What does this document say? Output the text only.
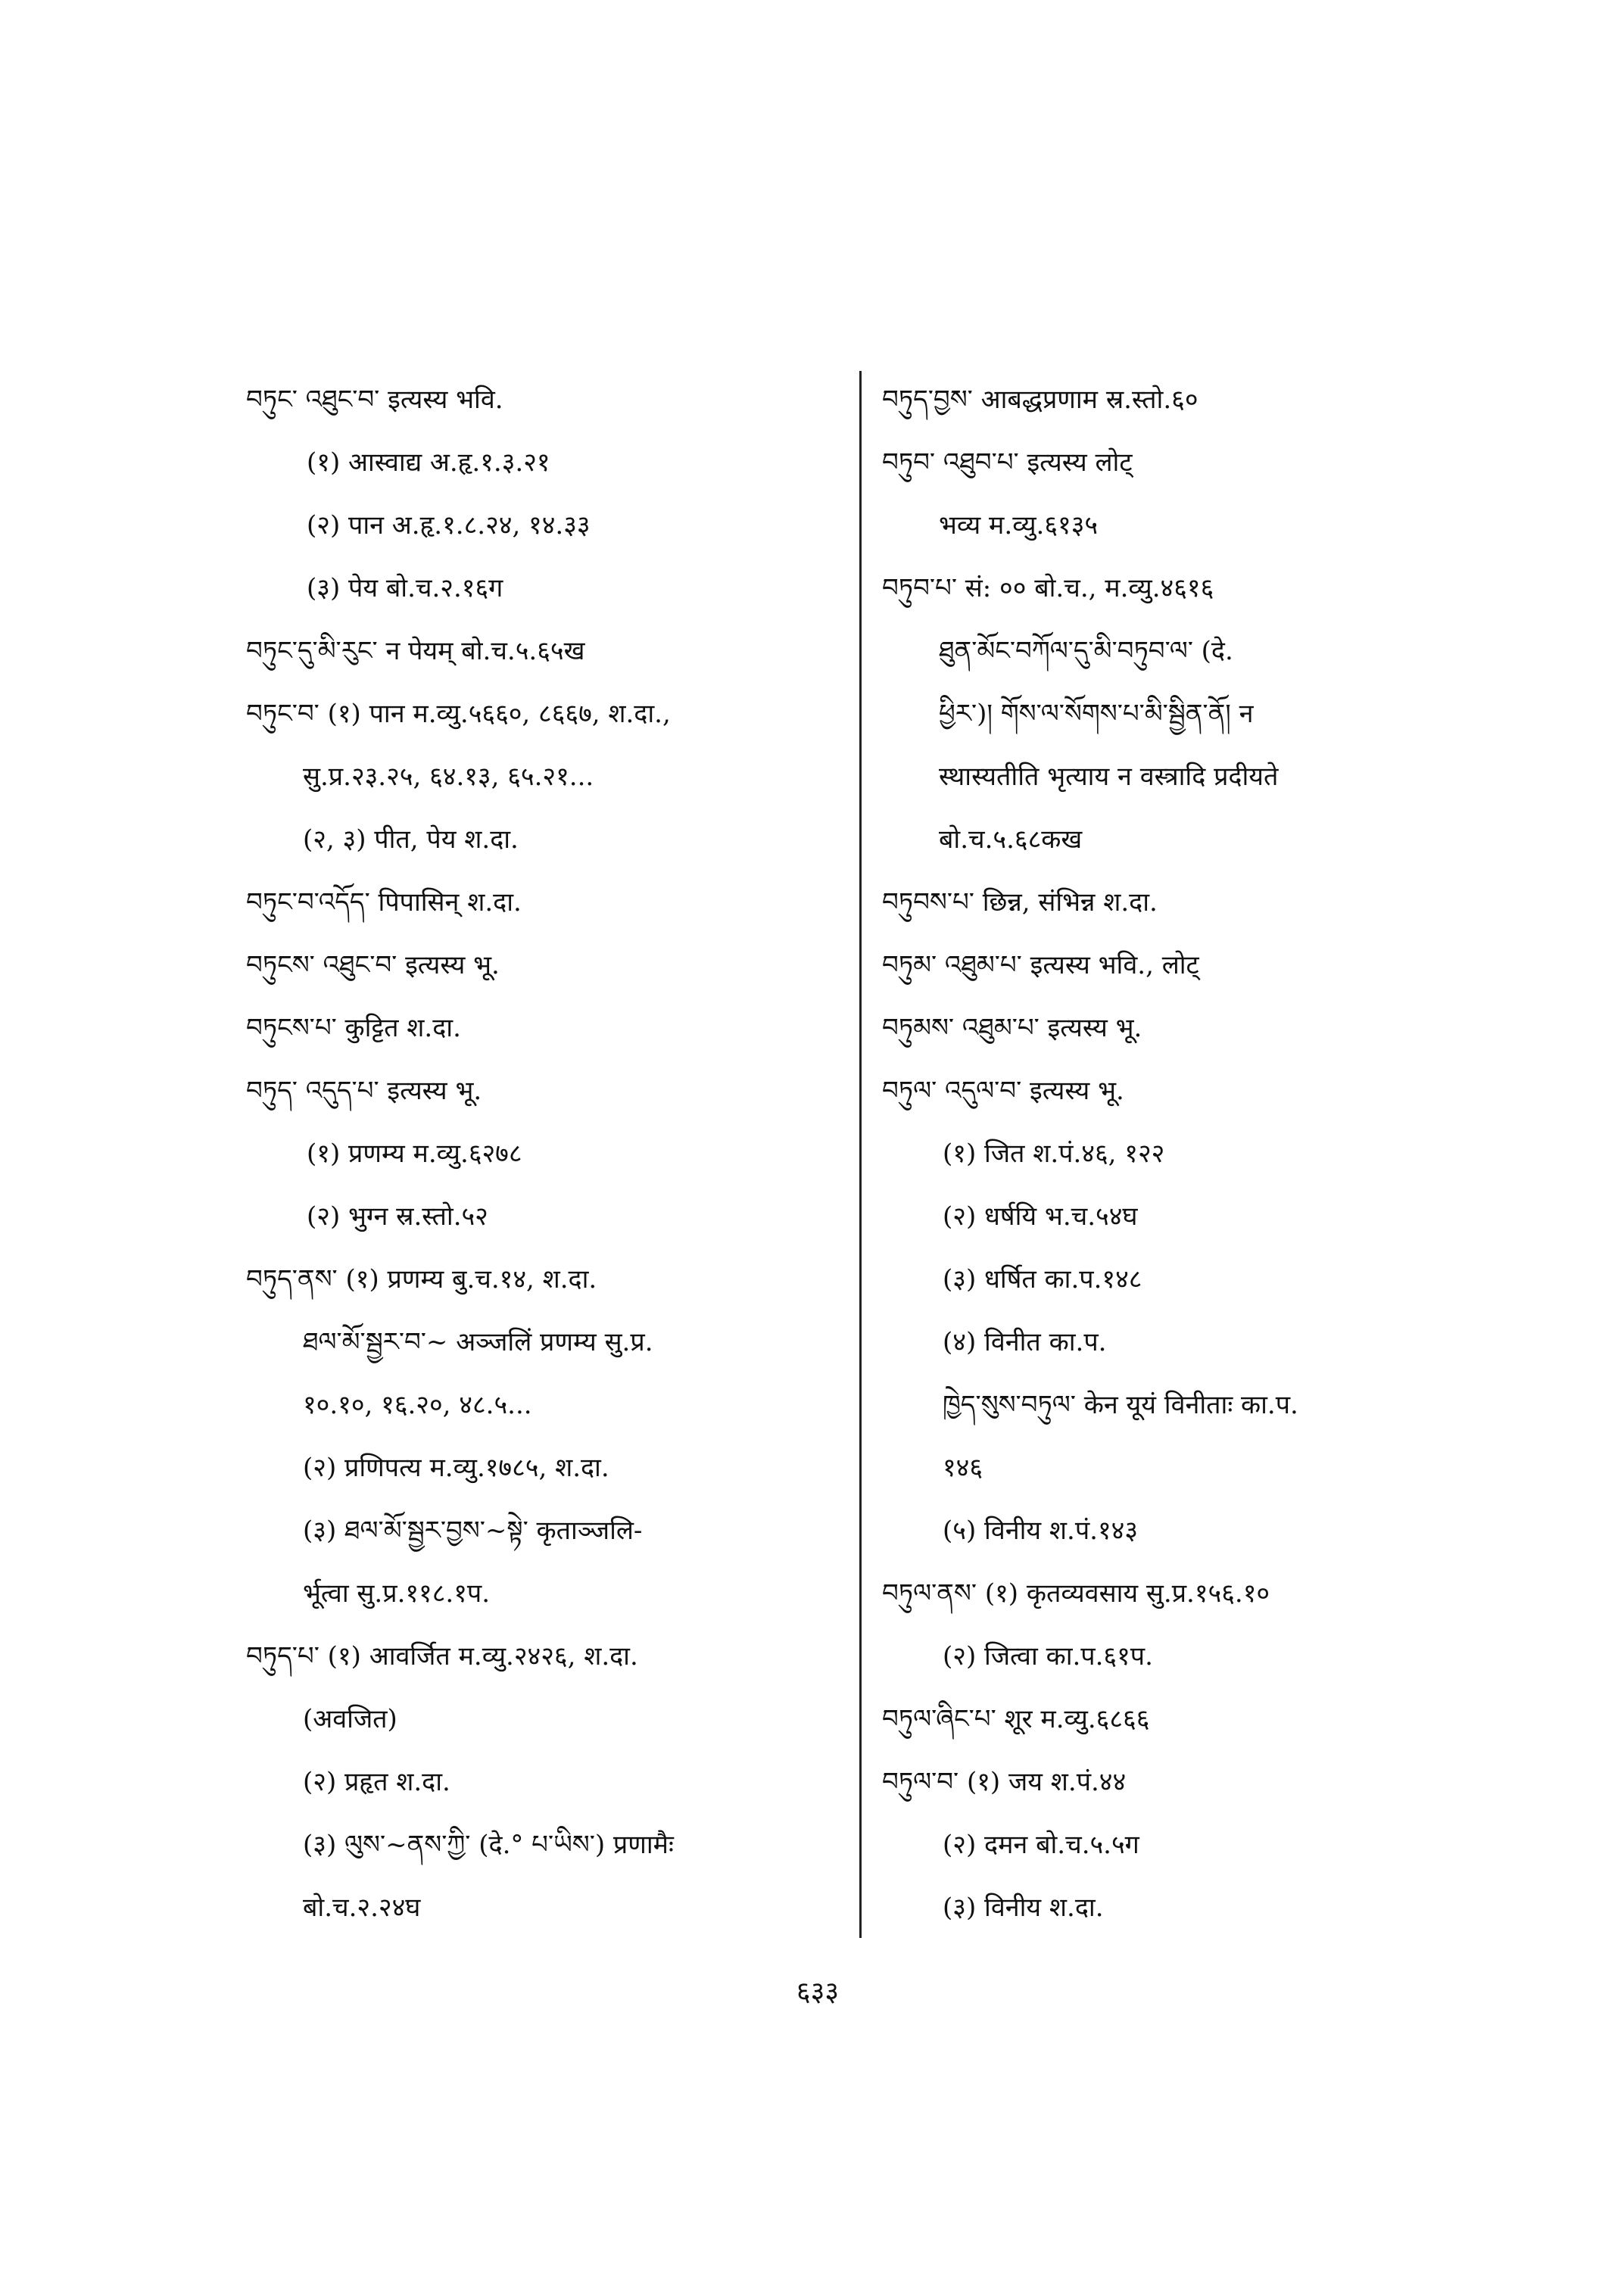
བཏུང་ འཐུང་བ་ इत्यस्य भवि.
(१) आस्वाद्य अ.हृ.१.३.२१
(२) पान अ.हृ.१.८.२४, १४.३३
(३) पेय बो.च.२.१६ग
བཏུང་དུ་མི་རུང་ न पेयम् बो.च.५.६५ख
བཏུང་བ་ (१) पान म.व्यु.५६६०, ८६६७, श.दा.,
सु.प्र.२३.२५, ६४.१३, ६५.२१...
(२, ३) पीत, पेय श.दा.
བཏུང་བ་འདོད་ पिपासिन् श.दा.
བཏུངས་ འཐུང་བ་ इत्यस्य भू.
བཏུངས་པ་ कुट्टित श.दा.
བཏུད་ འདུད་པ་ इत्यस्य भू.
(१) प्रणम्य म.व्यु.६२७८
(२) भुग्न स्र.स्तो.५२
བཏུད་ནས་ (१) प्रणम्य बु.च.१४, श.दा.
ཐལ་མོ་སྦྱར་བ་~ अञ्जलिं प्रणम्य सु.प्र.
१०.१०, १६.२०, ४८.५...
(२) प्रणिपत्य म.व्यु.१७८५, श.दा.
(३) ཐལ་མོ་སྦྱར་བྱས་~སྟེ་ कृताञ्जलि-
र्भूत्वा सु.प्र.११८.१प.
བཏུད་པ་ (१) आवर्जित म.व्यु.२४२६, श.दा.
(अवजित)
(२) प्रहृत श.दा.
(३) ལུས་~ནས་ཀྱི་ (दे.° པ་ཡིས་) प्रणामैः
बो.च.२.२४घ
བཏུད་བྱས་ आबद्धप्रणाम स्र.स्तो.६०
བཏུབ་ འཐུབ་པ་ इत्यस्य लोट्
भव्य म.व्यु.६१३५
བཏུབ་པ་ सं: ०० बो.च., म.व्यु.४६१६
ཐུན་མོང་བཀོལ་དུ་མི་བཏུབ་ལ་ (दे.
ཕྱིར་)། གོས་ལ་སོགས་པ་མི་སྦྱིན་ནོ། न
स्थास्यतीति भृत्याय न वस्त्रादि प्रदीयते
बो.च.५.६८कख
བཏུབས་པ་ छिन्न, संभिन्न श.दा.
བཏུམ་ འཐུམ་པ་ इत्यस्य भवि., लोट्
བཏུམས་ འཐུམ་པ་ इत्यस्य भू.
བཏུལ་ འདུལ་བ་ इत्यस्य भू.
(१) जित श.पं.४६, १२२
(२) धर्षयि भ.च.५४घ
(३) धर्षित का.प.१४८
(४) विनीत का.प.
ཁྱེད་སུས་བཏུལ་ केन यूयं विनीताः का.प.
१४६
(५) विनीय श.पं.१४३
བཏུལ་ནས་ (१) कृतव्यवसाय सु.प्र.१५६.१०
(२) जित्वा का.प.६१प.
བཏུལ་ཞིང་པ་ शूर म.व्यु.६८६६
བཏུལ་བ་ (१) जय श.पं.४४
(२) दमन बो.च.५.५ग
(३) विनीय श.दा.
६३३
